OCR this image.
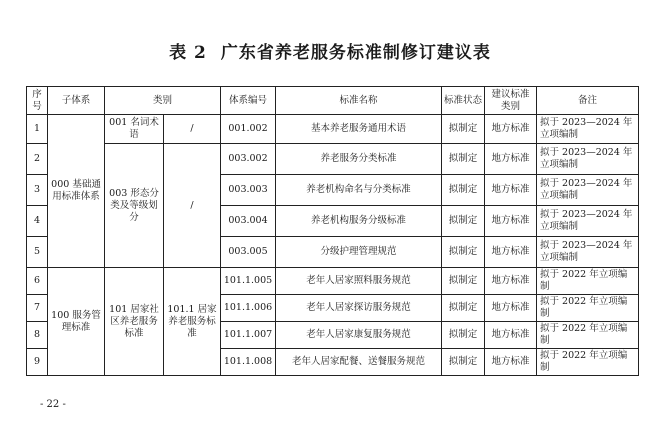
表 2 广东省养老服务标准制修订建议表
序号	子体系	类别		体系编号	标准名称	标准状态	建议标准类别	备注
1	000 基础通用标准体系	001 名词术语	/	001.002	基本养老服务通用术语	拟制定	地方标准	拟于 2023—2024 年立项编制
2		003 形态分类及等级划分	/	003.002	养老服务分类标准	拟制定	地方标准	拟于 2023—2024 年立项编制
3				003.003	养老机构命名与分类标准	拟制定	地方标准	拟于 2023—2024 年立项编制
4				003.004	养老机构服务分级标准	拟制定	地方标准	拟于 2023—2024 年立项编制
5				003.005	分级护理管理规范	拟制定	地方标准	拟于 2023—2024 年立项编制
6	100 服务管理标准	101 居家社区养老服务标准	101.1 居家养老服务标准	101.1.005	老年人居家照料服务规范	拟制定	地方标准	拟于 2022 年立项编制
7				101.1.006	老年人居家探访服务规范	拟制定	地方标准	拟于 2022 年立项编制
8				101.1.007	老年人居家康复服务规范	拟制定	地方标准	拟于 2022 年立项编制
9				101.1.008	老年人居家配餐、送餐服务规范	拟制定	地方标准	拟于 2022 年立项编制
- 22 -
